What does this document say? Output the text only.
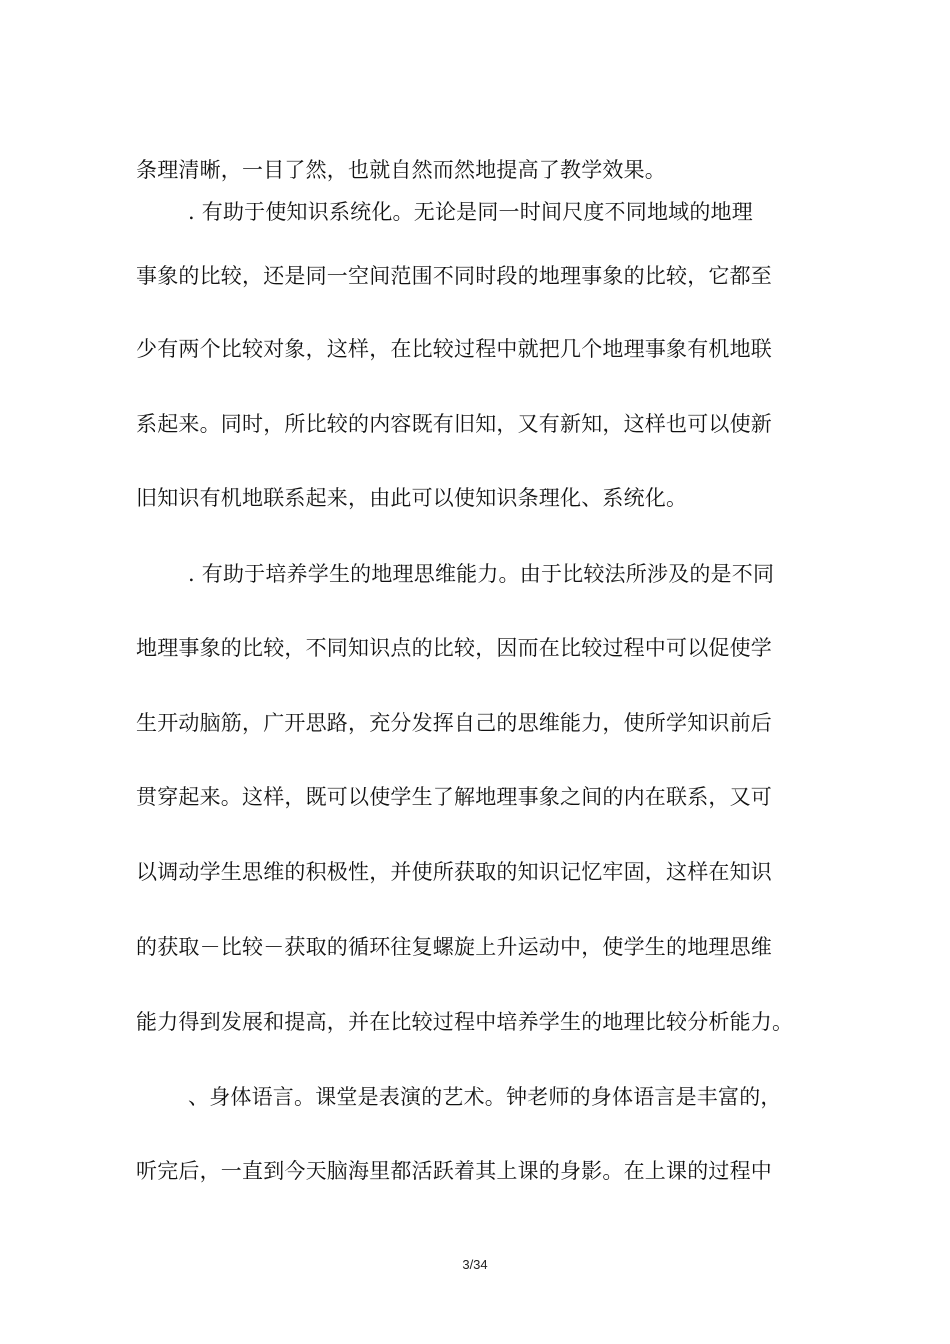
条理清晰，一目了然，也就自然而然地提高了教学效果。
. 有助于使知识系统化。无论是同一时间尺度不同地域的地理
事象的比较，还是同一空间范围不同时段的地理事象的比较，它都至
少有两个比较对象，这样，在比较过程中就把几个地理事象有机地联
系起来。同时，所比较的内容既有旧知，又有新知，这样也可以使新
旧知识有机地联系起来，由此可以使知识条理化、系统化。
. 有助于培养学生的地理思维能力。由于比较法所涉及的是不同
地理事象的比较，不同知识点的比较，因而在比较过程中可以促使学
生开动脑筋，广开思路，充分发挥自己的思维能力，使所学知识前后
贯穿起来。这样，既可以使学生了解地理事象之间的内在联系，又可
以调动学生思维的积极性，并使所获取的知识记忆牢固，这样在知识
的获取－比较－获取的循环往复螺旋上升运动中，使学生的地理思维
能力得到发展和提高，并在比较过程中培养学生的地理比较分析能力。
、身体语言。课堂是表演的艺术。钟老师的身体语言是丰富的，
听完后，一直到今天脑海里都活跃着其上课的身影。在上课的过程中
3/34
